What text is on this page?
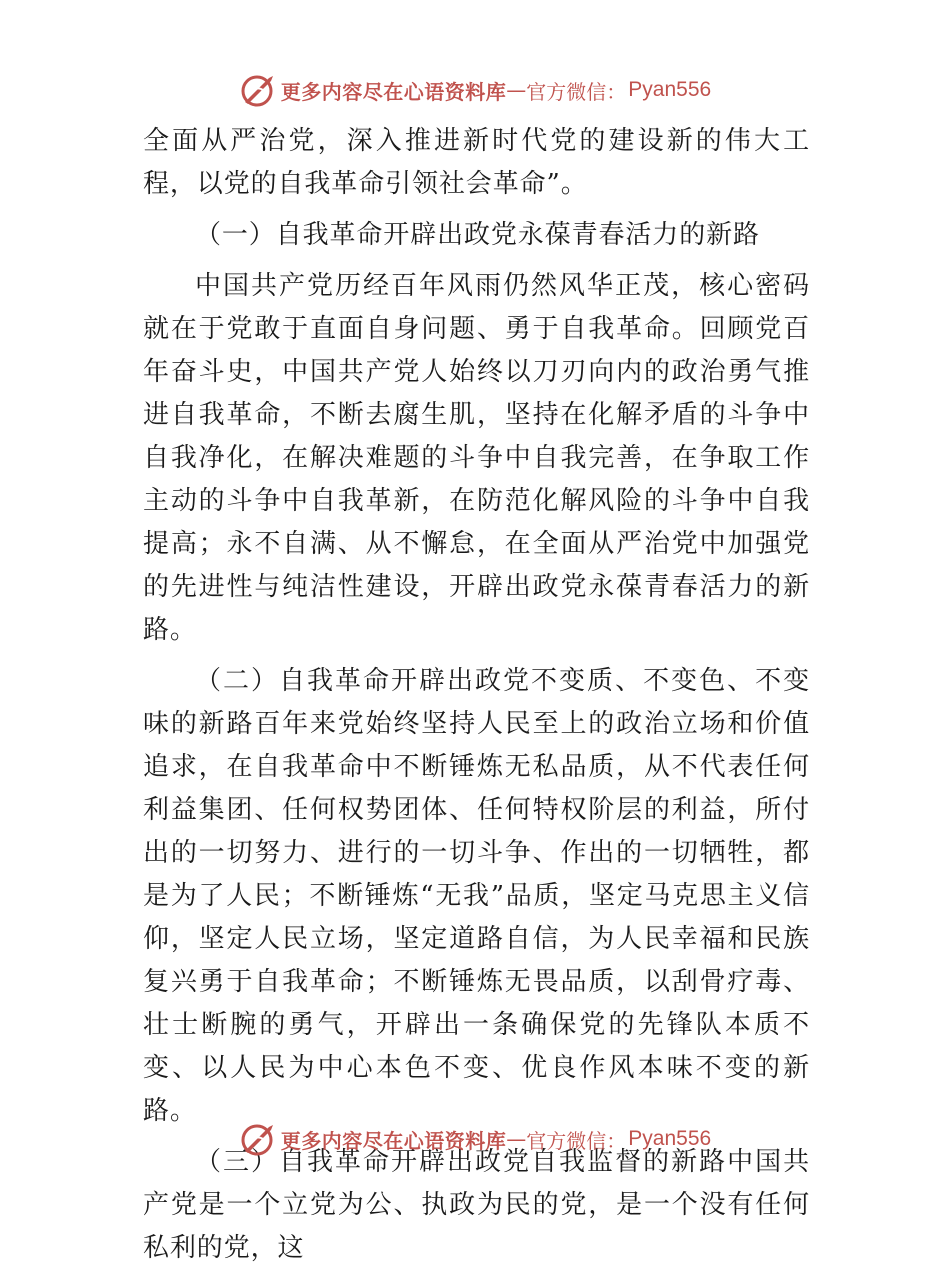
更多内容尽在心语资料库 — 官方微信： Pyan556

全面从严治党，深入推进新时代党的建设新的伟大工程，以党的自我革命引领社会革命”。

（一）自我革命开辟出政党永葆青春活力的新路

中国共产党历经百年风雨仍然风华正茂，核心密码就在于党敢于直面自身问题、勇于自我革命。回顾党百年奋斗史，中国共产党人始终以刀刃向内的政治勇气推进自我革命，不断去腐生肌，坚持在化解矛盾的斗争中自我净化，在解决难题的斗争中自我完善，在争取工作主动的斗争中自我革新，在防范化解风险的斗争中自我提高；永不自满、从不懈怠，在全面从严治党中加强党的先进性与纯洁性建设，开辟出政党永葆青春活力的新路。

（二）自我革命开辟出政党不变质、不变色、不变味的新路百年来党始终坚持人民至上的政治立场和价值追求，在自我革命中不断锤炼无私品质，从不代表任何利益集团、任何权势团体、任何特权阶层的利益，所付出的一切努力、进行的一切斗争、作出的一切牺牲，都是为了人民；不断锤炼“无我”品质，坚定马克思主义信仰，坚定人民立场，坚定道路自信，为人民幸福和民族复兴勇于自我革命；不断锤炼无畏品质，以刮骨疗毒、壮士断腕的勇气，开辟出一条确保党的先锋队本质不变、以人民为中心本色不变、优良作风本味不变的新路。

（三）自我革命开辟出政党自我监督的新路中国共产党是一个立党为公、执政为民的党，是一个没有任何私利的党，这

更多内容尽在心语资料库 — 官方微信： Pyan556
